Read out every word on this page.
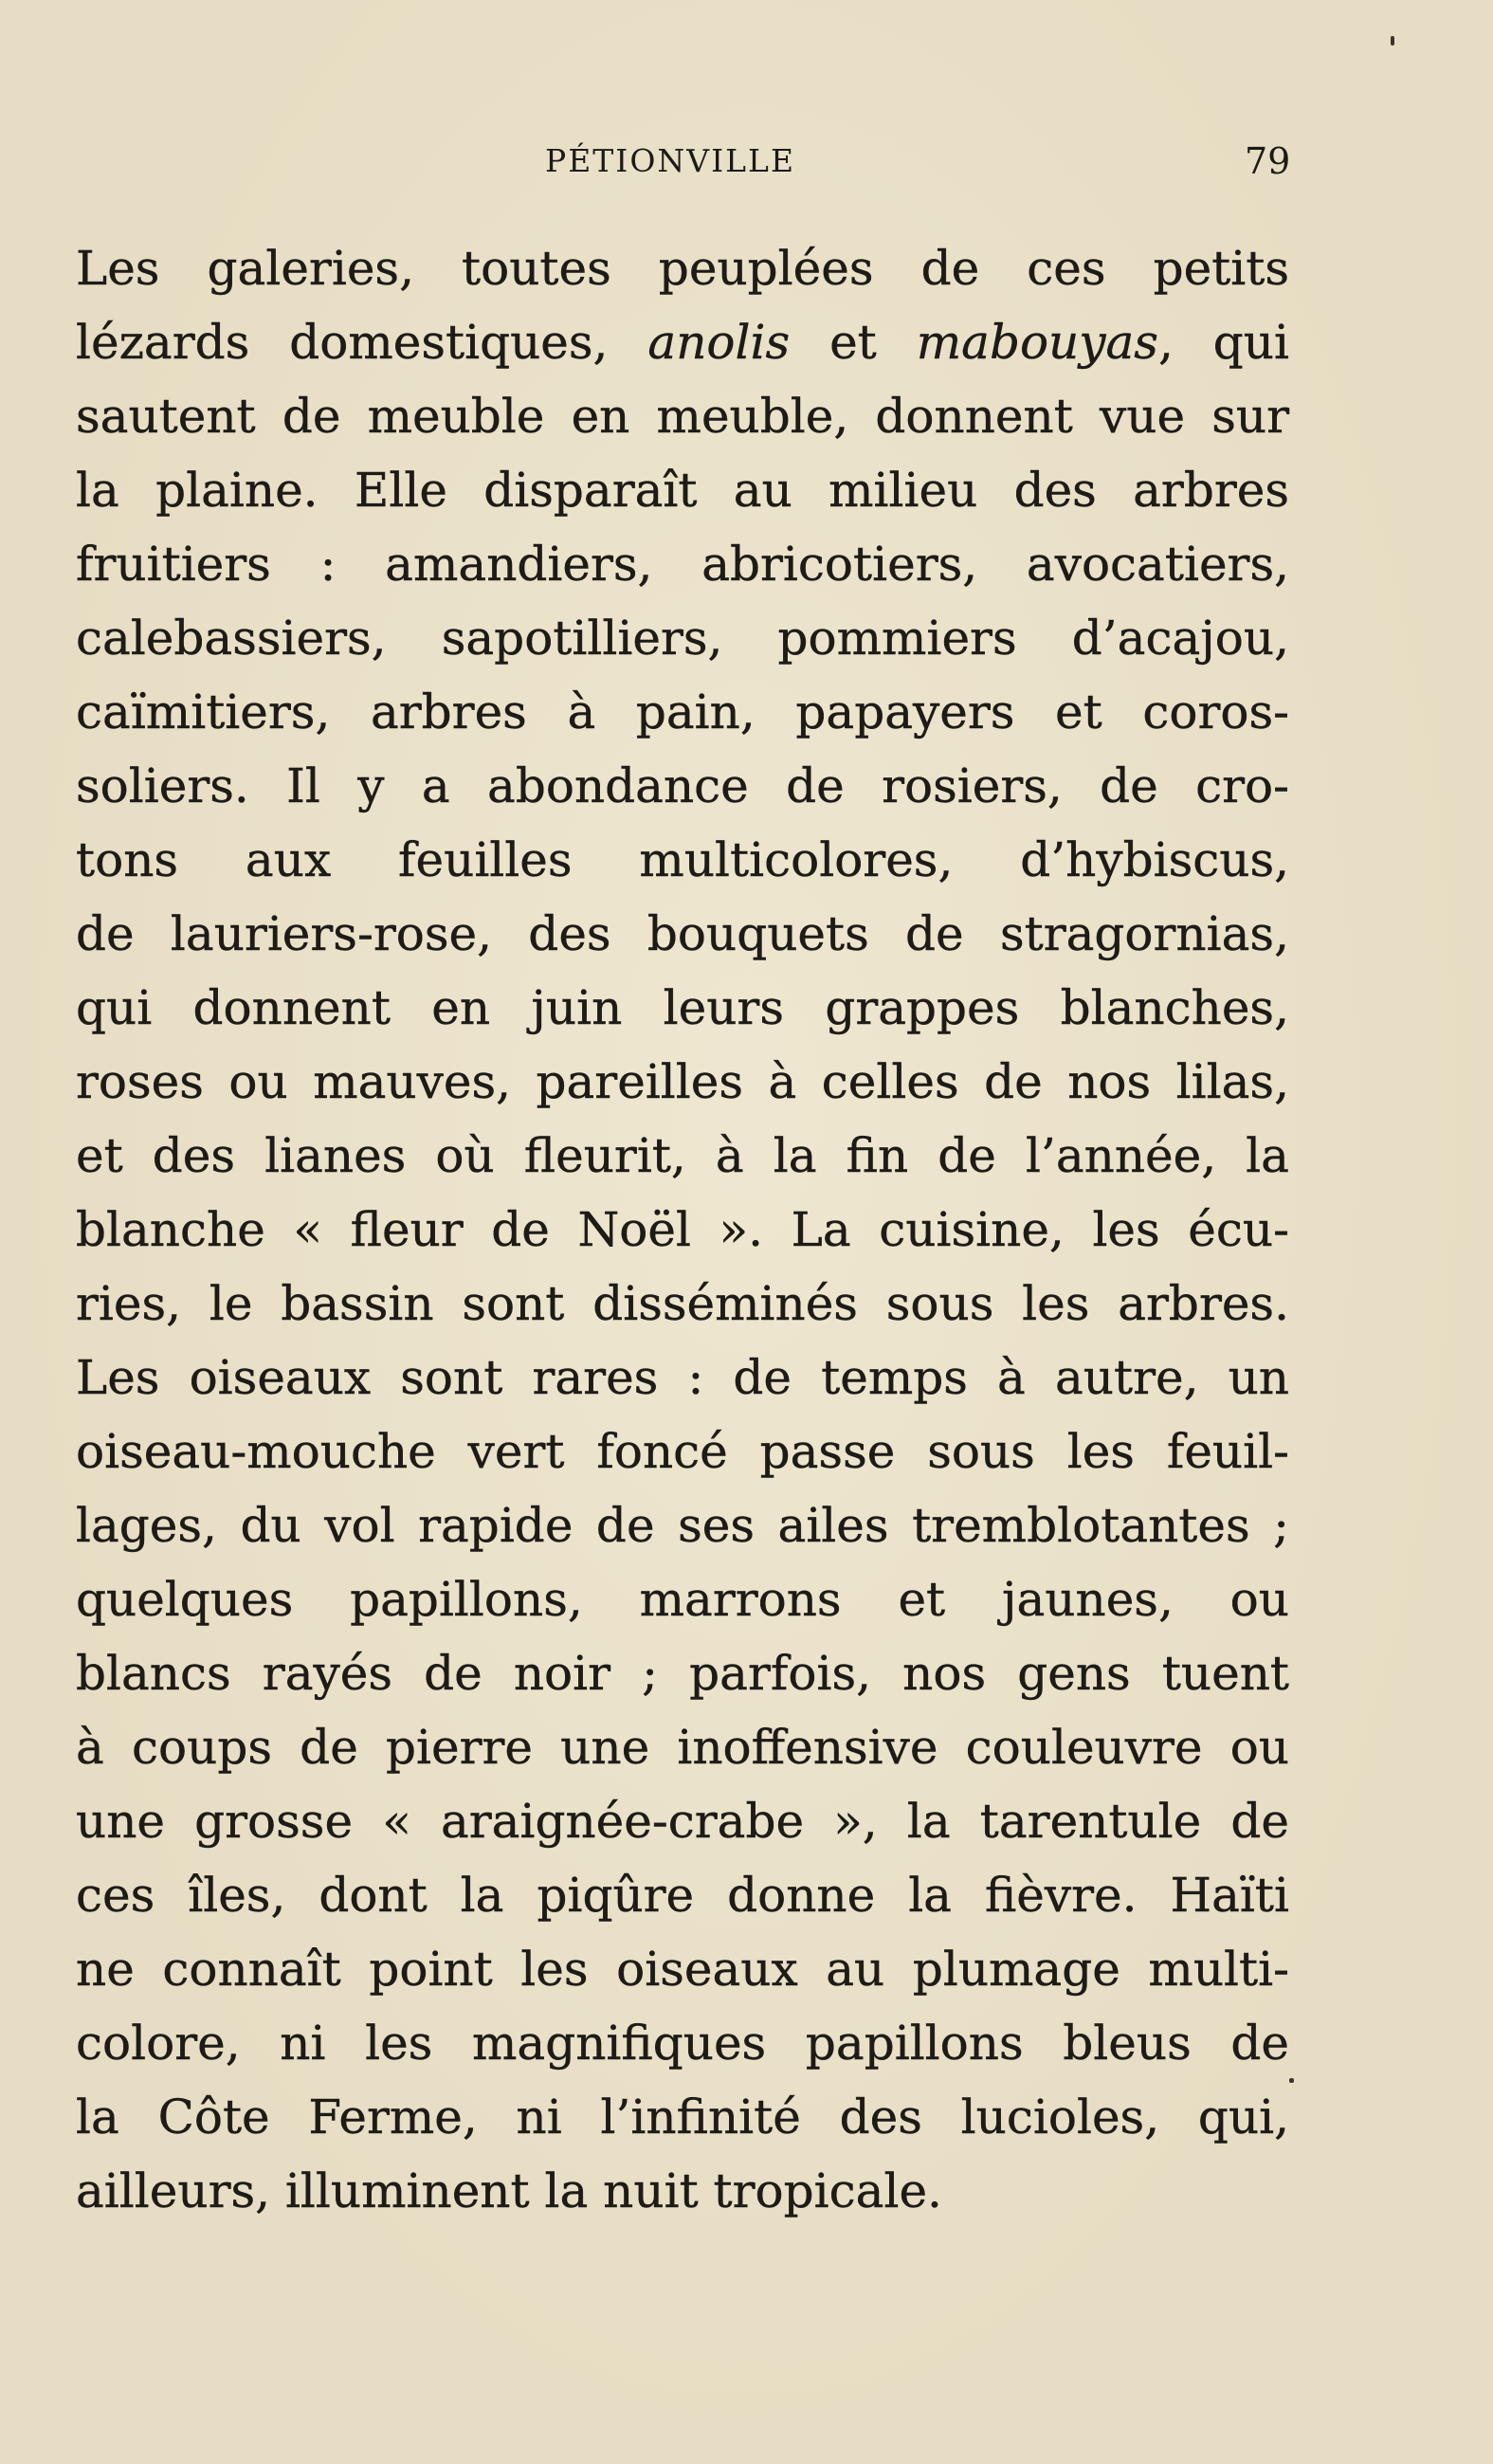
PÉTIONVILLE	79
Les galeries, toutes peuplées de ces petits
lézards domestiques, anolis et mabouyas, qui
sautent de meuble en meuble, donnent vue sur
la plaine. Elle disparaît au milieu des arbres
fruitiers : amandiers, abricotiers, avocatiers,
calebassiers, sapotilliers, pommiers d’acajou,
caïmitiers, arbres à pain, papayers et coros-
soliers. Il y a abondance de rosiers, de cro-
tons aux feuilles multicolores, d’hybiscus,
de lauriers-rose, des bouquets de stragornias,
qui donnent en juin leurs grappes blanches,
roses ou mauves, pareilles à celles de nos lilas,
et des lianes où fleurit, à la fin de l’année, la
blanche « fleur de Noël ». La cuisine, les écu-
ries, le bassin sont disséminés sous les arbres.
Les oiseaux sont rares : de temps à autre, un
oiseau-mouche vert foncé passe sous les feuil-
lages, du vol rapide de ses ailes tremblotantes ;
quelques papillons, marrons et jaunes, ou
blancs rayés de noir ; parfois, nos gens tuent
à coups de pierre une inoffensive couleuvre ou
une grosse « araignée-crabe », la tarentule de
ces îles, dont la piqûre donne la fièvre. Haïti
ne connaît point les oiseaux au plumage multi-
colore, ni les magnifiques papillons bleus de
la Côte Ferme, ni l’infinité des lucioles, qui,
ailleurs, illuminent la nuit tropicale.
